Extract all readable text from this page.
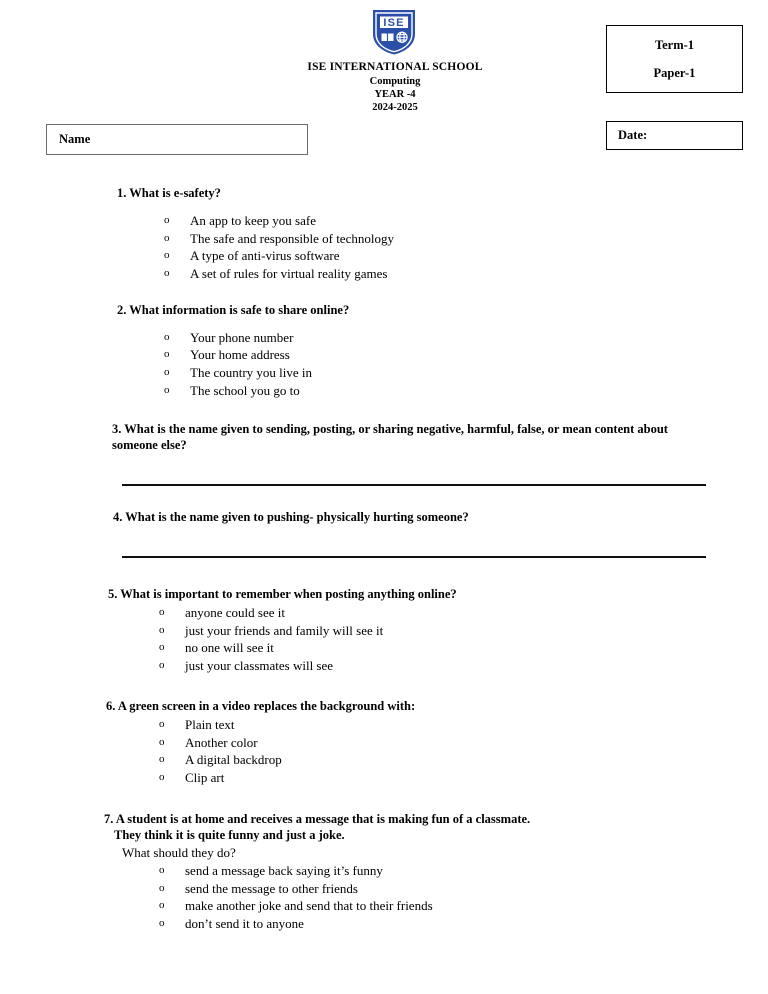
ISE
ISE INTERNATIONAL SCHOOL
Computing
YEAR -4
2024-2025
Term-1
Paper-1
Name	Date:
1. What is e-safety?
o An app to keep you safe
o The safe and responsible of technology
o A type of anti-virus software
o A set of rules for virtual reality games
2. What information is safe to share online?
o Your phone number
o Your home address
o The country you live in
o The school you go to
3. What is the name given to sending, posting, or sharing negative, harmful, false, or mean content about someone else?
4. What is the name given to pushing- physically hurting someone?
5. What is important to remember when posting anything online?
o anyone could see it
o just your friends and family will see it
o no one will see it
o just your classmates will see
6. A green screen in a video replaces the background with:
o Plain text
o Another color
o A digital backdrop
o Clip art
7. A student is at home and receives a message that is making fun of a classmate.
They think it is quite funny and just a joke.
What should they do?
o send a message back saying it’s funny
o send the message to other friends
o make another joke and send that to their friends
o don’t send it to anyone
